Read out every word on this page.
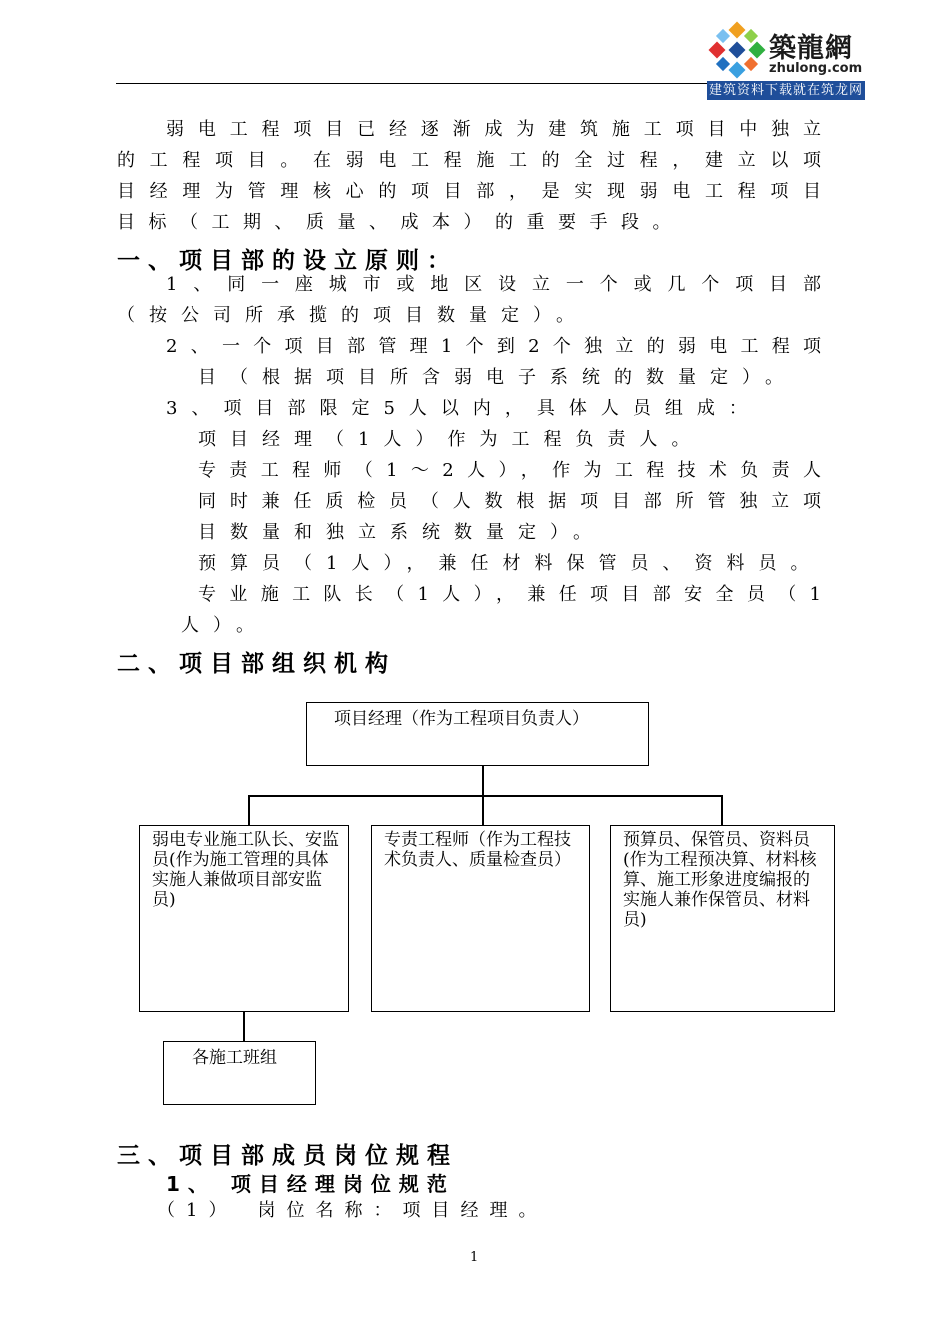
築龍網
zhulong.com
建筑资料下载就在筑龙网
弱电工程项目已经逐渐成为建筑施工项目中独立
的工程项目。在弱电工程施工的全过程，建立以项
目经理为管理核心的项目部，是实现弱电工程项目
目标（工期、质量、成本）的重要手段。
一、项目部的设立原则：
1、同一座城市或地区设立一个或几个项目部
（按公司所承揽的项目数量定）。
2、一个项目部管理1个到2个独立的弱电工程项
目（根据项目所含弱电子系统的数量定）。
3、项目部限定5人以内，具体人员组成：
项目经理（1人）作为工程负责人。
专责工程师（1～2人），作为工程技术负责人
同时兼任质检员（人数根据项目部所管独立项
目数量和独立系统数量定）。
预算员（1人），兼任材料保管员、资料员。
专业施工队长（1人），兼任项目部安全员（1
人）。
二、项目部组织机构
项目经理（作为工程项目负责人）
弱电专业施工队长、安监员(作为施工管理的具体实施人兼做项目部安监员)
专责工程师（作为工程技术负责人、质量检查员）
预算员、保管员、资料员(作为工程预决算、材料核算、施工形象进度编报的实施人兼作保管员、材料员)
各施工班组
三、项目部成员岗位规程
1、 项目经理岗位规范
（1）　岗位名称：项目经理。
1
